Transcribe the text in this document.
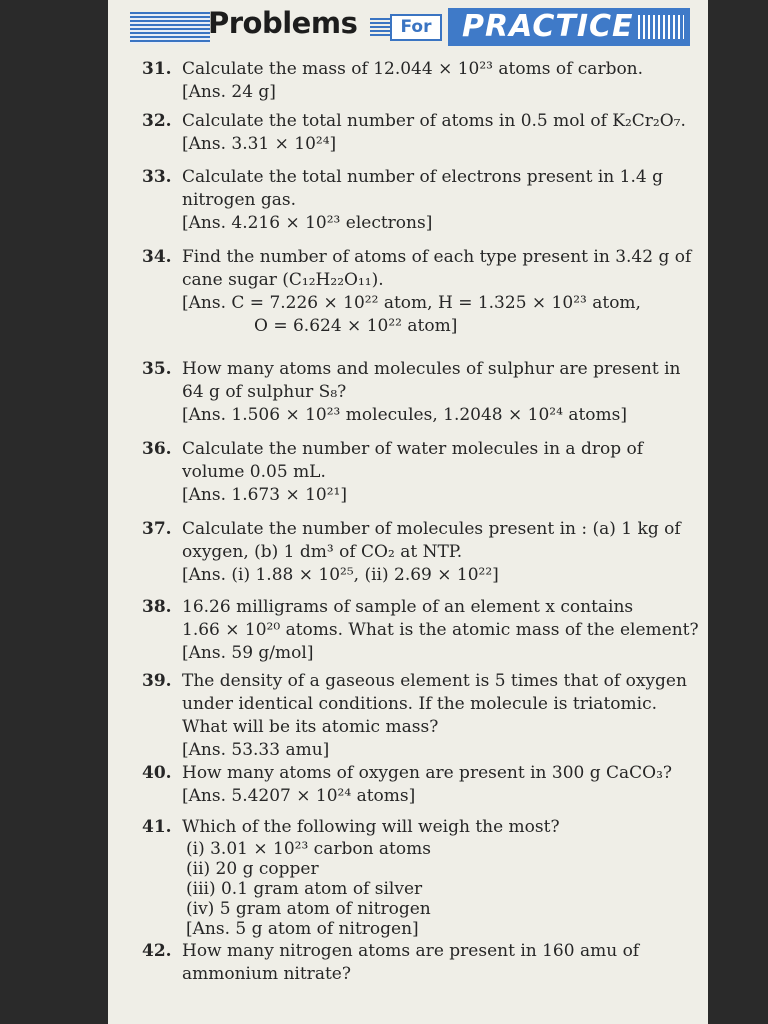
Problems	For	PRACTICE
31. Calculate the mass of 12.044 × 10²³ atoms of carbon.
[Ans. 24 g]
32. Calculate the total number of atoms in 0.5 mol of K₂Cr₂O₇.
[Ans. 3.31 × 10²⁴]
33. Calculate the total number of electrons present in 1.4 g
nitrogen gas.
[Ans. 4.216 × 10²³ electrons]
34. Find the number of atoms of each type present in 3.42 g of
cane sugar (C₁₂H₂₂O₁₁).
[Ans. C = 7.226 × 10²² atom, H = 1.325 × 10²³ atom,
O = 6.624 × 10²² atom]
35. How many atoms and molecules of sulphur are present in
64 g of sulphur S₈?
[Ans. 1.506 × 10²³ molecules, 1.2048 × 10²⁴ atoms]
36. Calculate the number of water molecules in a drop of
volume 0.05 mL.
[Ans. 1.673 × 10²¹]
37. Calculate the number of molecules present in : (a) 1 kg of
oxygen, (b) 1 dm³ of CO₂ at NTP.
[Ans. (i) 1.88 × 10²⁵, (ii) 2.69 × 10²²]
38. 16.26 milligrams of sample of an element x contains
1.66 × 10²⁰ atoms. What is the atomic mass of the element?
[Ans. 59 g/mol]
39. The density of a gaseous element is 5 times that of oxygen
under identical conditions. If the molecule is triatomic.
What will be its atomic mass?
[Ans. 53.33 amu]
40. How many atoms of oxygen are present in 300 g CaCO₃?
[Ans. 5.4207 × 10²⁴ atoms]
41. Which of the following will weigh the most?
(i) 3.01 × 10²³ carbon atoms
(ii) 20 g copper
(iii) 0.1 gram atom of silver
(iv) 5 gram atom of nitrogen
[Ans. 5 g atom of nitrogen]
42. How many nitrogen atoms are present in 160 amu of
ammonium nitrate?
